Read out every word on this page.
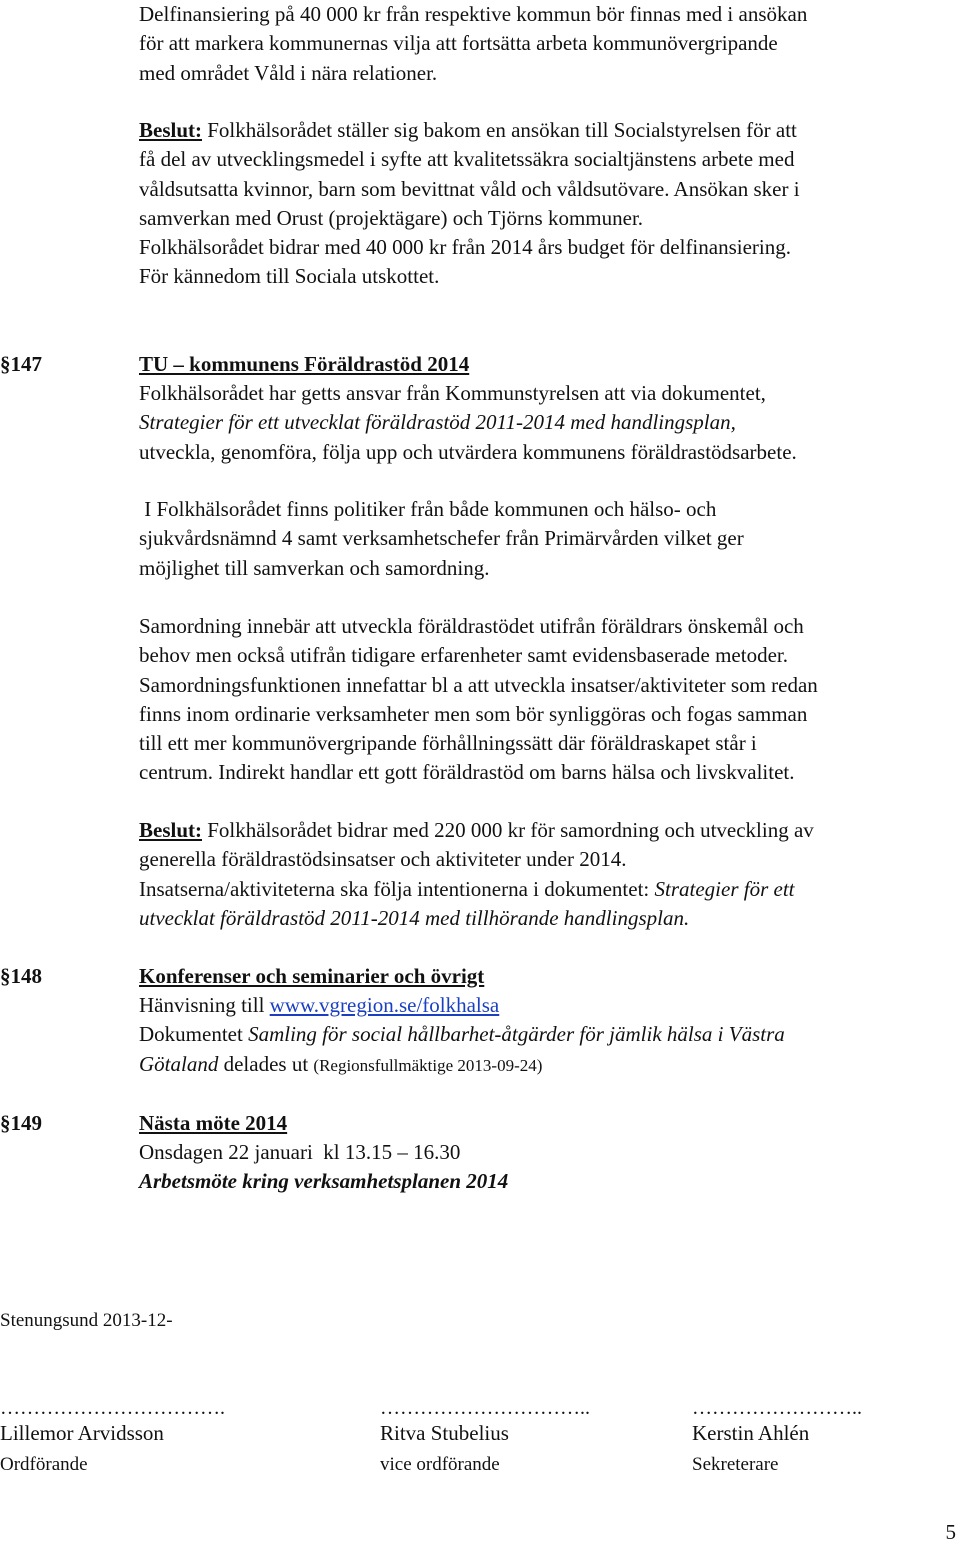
Delfinansiering på 40 000 kr från respektive kommun bör finnas med i ansökan
för att markera kommunernas vilja att fortsätta arbeta kommunövergripande
med området Våld i nära relationer.
Beslut: Folkhälsorådet ställer sig bakom en ansökan till Socialstyrelsen för att
få del av utvecklingsmedel i syfte att kvalitetssäkra socialtjänstens arbete med
våldsutsatta kvinnor, barn som bevittnat våld och våldsutövare. Ansökan sker i
samverkan med Orust (projektägare) och Tjörns kommuner.
Folkhälsorådet bidrar med 40 000 kr från 2014 års budget för delfinansiering.
För kännedom till Sociala utskottet.
§147	TU – kommunens Föräldrastöd 2014
Folkhälsorådet har getts ansvar från Kommunstyrelsen att via dokumentet,
Strategier för ett utvecklat föräldrastöd 2011-2014 med handlingsplan,
utveckla, genomföra, följa upp och utvärdera kommunens föräldrastödsarbete.
I Folkhälsorådet finns politiker från både kommunen och hälso- och
sjukvårdsnämnd 4 samt verksamhetschefer från Primärvården vilket ger
möjlighet till samverkan och samordning.
Samordning innebär att utveckla föräldrastödet utifrån föräldrars önskemål och
behov men också utifrån tidigare erfarenheter samt evidensbaserade metoder.
Samordningsfunktionen innefattar bl a att utveckla insatser/aktiviteter som redan
finns inom ordinarie verksamheter men som bör synliggöras och fogas samman
till ett mer kommunövergripande förhållningssätt där föräldraskapet står i
centrum. Indirekt handlar ett gott föräldrastöd om barns hälsa och livskvalitet.
Beslut: Folkhälsorådet bidrar med 220 000 kr för samordning och utveckling av
generella föräldrastödsinsatser och aktiviteter under 2014.
Insatserna/aktiviteterna ska följa intentionerna i dokumentet: Strategier för ett
utvecklat föräldrastöd 2011-2014 med tillhörande handlingsplan.
§148	Konferenser och seminarier och övrigt
Hänvisning till www.vgregion.se/folkhalsa
Dokumentet Samling för social hållbarhet-åtgärder för jämlik hälsa i Västra
Götaland delades ut (Regionsfullmäktige 2013-09-24)
§149	Nästa möte 2014
Onsdagen 22 januari  kl 13.15 – 16.30
Arbetsmöte kring verksamhetsplanen 2014
Stenungsund 2013-12-
…………………………….	…………………………..	……………………..
Lillemor Arvidsson	Ritva Stubelius	Kerstin Ahlén
Ordförande	vice ordförande	Sekreterare
5
